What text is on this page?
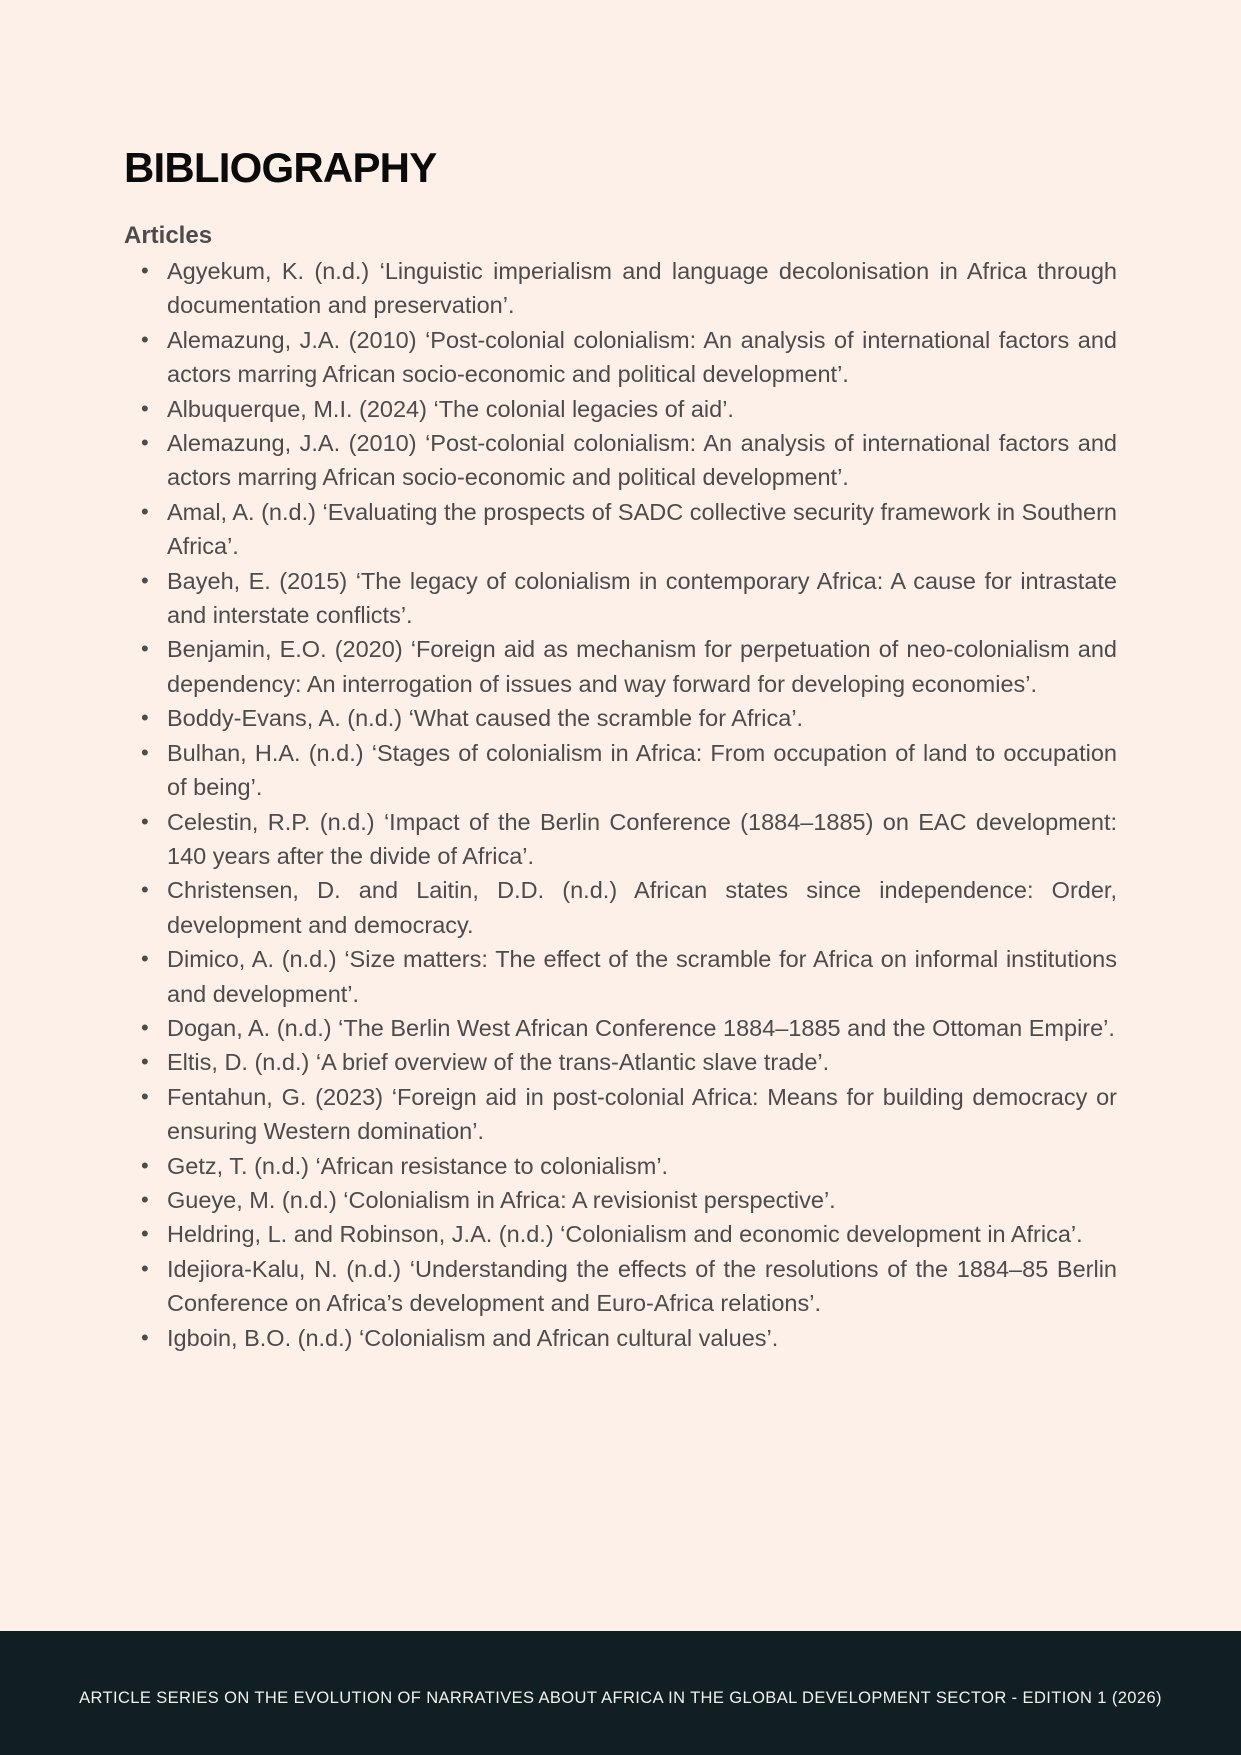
BIBLIOGRAPHY
Articles
• Agyekum, K. (n.d.) ‘Linguistic imperialism and language decolonisation in Africa through documentation and preservation’.
• Alemazung, J.A. (2010) ‘Post-colonial colonialism: An analysis of international factors and actors marring African socio-economic and political development’.
• Albuquerque, M.I. (2024) ‘The colonial legacies of aid’.
• Alemazung, J.A. (2010) ‘Post-colonial colonialism: An analysis of international factors and actors marring African socio-economic and political development’.
• Amal, A. (n.d.) ‘Evaluating the prospects of SADC collective security framework in Southern Africa’.
• Bayeh, E. (2015) ‘The legacy of colonialism in contemporary Africa: A cause for intrastate and interstate conflicts’.
• Benjamin, E.O. (2020) ‘Foreign aid as mechanism for perpetuation of neo-colonialism and dependency: An interrogation of issues and way forward for developing economies’.
• Boddy-Evans, A. (n.d.) ‘What caused the scramble for Africa’.
• Bulhan, H.A. (n.d.) ‘Stages of colonialism in Africa: From occupation of land to occupation of being’.
• Celestin, R.P. (n.d.) ‘Impact of the Berlin Conference (1884–1885) on EAC development: 140 years after the divide of Africa’.
• Christensen, D. and Laitin, D.D. (n.d.) African states since independence: Order, development and democracy.
• Dimico, A. (n.d.) ‘Size matters: The effect of the scramble for Africa on informal institutions and development’.
• Dogan, A. (n.d.) ‘The Berlin West African Conference 1884–1885 and the Ottoman Empire’.
• Eltis, D. (n.d.) ‘A brief overview of the trans-Atlantic slave trade’.
• Fentahun, G. (2023) ‘Foreign aid in post-colonial Africa: Means for building democracy or ensuring Western domination’.
• Getz, T. (n.d.) ‘African resistance to colonialism’.
• Gueye, M. (n.d.) ‘Colonialism in Africa: A revisionist perspective’.
• Heldring, L. and Robinson, J.A. (n.d.) ‘Colonialism and economic development in Africa’.
• Idejiora-Kalu, N. (n.d.) ‘Understanding the effects of the resolutions of the 1884–85 Berlin Conference on Africa’s development and Euro-Africa relations’.
• Igboin, B.O. (n.d.) ‘Colonialism and African cultural values’.
ARTICLE SERIES ON THE EVOLUTION OF NARRATIVES ABOUT AFRICA IN THE GLOBAL DEVELOPMENT SECTOR - EDITION 1 (2026)
